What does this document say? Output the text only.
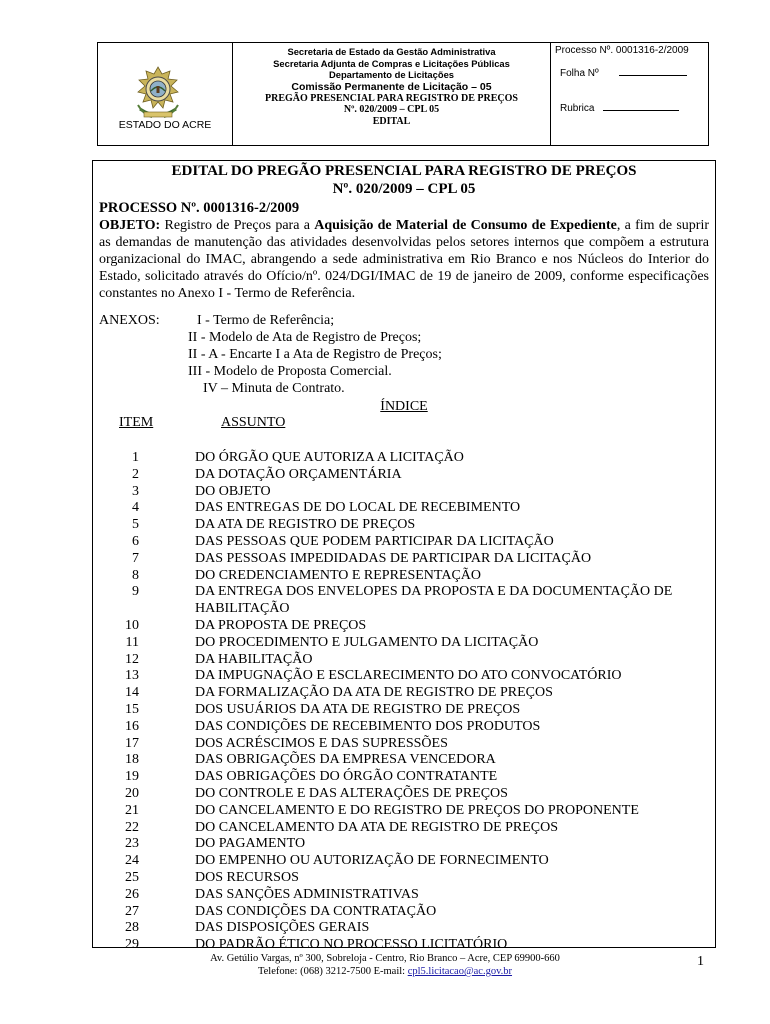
ESTADO DO ACRE
Secretaria de Estado da Gestão Administrativa
Secretaria Adjunta de Compras e Licitações Públicas
Departamento de Licitações
Comissão Permanente de Licitação – 05
PREGÃO PRESENCIAL PARA REGISTRO DE PREÇOS
Nº. 020/2009 – CPL 05
EDITAL
Processo Nº. 0001316-2/2009
Folha Nº
Rubrica
EDITAL DO PREGÃO PRESENCIAL PARA REGISTRO DE PREÇOS
Nº. 020/2009 – CPL 05
PROCESSO Nº. 0001316-2/2009
OBJETO: Registro de Preços para a Aquisição de Material de Consumo de Expediente, a fim de suprir as demandas de manutenção das atividades desenvolvidas pelos setores internos que compõem a estrutura organizacional do IMAC, abrangendo a sede administrativa em Rio Branco e nos Núcleos do Interior do Estado, solicitado através do Ofício/nº. 024/DGI/IMAC de 19 de janeiro de 2009, conforme especificações constantes no Anexo I - Termo de Referência.
ANEXOS:	I - Termo de Referência;
II - Modelo de Ata de Registro de Preços;
II - A - Encarte I a Ata de Registro de Preços;
III - Modelo de Proposta Comercial.
IV – Minuta de Contrato.
ÍNDICE
ITEM	ASSUNTO
1	DO ÓRGÃO QUE AUTORIZA A LICITAÇÃO
2	DA DOTAÇÃO ORÇAMENTÁRIA
3	DO OBJETO
4	DAS ENTREGAS DE DO LOCAL DE RECEBIMENTO
5	DA ATA DE REGISTRO DE PREÇOS
6	DAS PESSOAS QUE PODEM PARTICIPAR DA LICITAÇÃO
7	DAS PESSOAS IMPEDIDADAS DE PARTICIPAR DA LICITAÇÃO
8	DO CREDENCIAMENTO E REPRESENTAÇÃO
9	DA ENTREGA DOS ENVELOPES DA PROPOSTA E DA DOCUMENTAÇÃO DE HABILITAÇÃO
10	DA PROPOSTA DE PREÇOS
11	DO PROCEDIMENTO E JULGAMENTO DA LICITAÇÃO
12	DA HABILITAÇÃO
13	DA IMPUGNAÇÃO E ESCLARECIMENTO DO ATO CONVOCATÓRIO
14	DA FORMALIZAÇÃO DA ATA DE REGISTRO DE PREÇOS
15	DOS USUÁRIOS DA ATA DE REGISTRO DE PREÇOS
16	DAS CONDIÇÕES DE RECEBIMENTO DOS PRODUTOS
17	DOS ACRÉSCIMOS E DAS SUPRESSÕES
18	DAS OBRIGAÇÕES DA EMPRESA VENCEDORA
19	DAS OBRIGAÇÕES DO ÓRGÃO CONTRATANTE
20	DO CONTROLE E DAS ALTERAÇÕES DE PREÇOS
21	DO CANCELAMENTO E DO REGISTRO DE PREÇOS DO PROPONENTE
22	DO CANCELAMENTO DA ATA DE REGISTRO DE PREÇOS
23	DO PAGAMENTO
24	DO EMPENHO OU AUTORIZAÇÃO DE FORNECIMENTO
25	DOS RECURSOS
26	DAS SANÇÕES ADMINISTRATIVAS
27	DAS CONDIÇÕES DA CONTRATAÇÃO
28	DAS DISPOSIÇÕES GERAIS
29	DO PADRÃO ÉTICO NO PROCESSO LICITATÓRIO
Av. Getúlio Vargas, nº 300, Sobreloja - Centro, Rio Branco – Acre, CEP 69900-660
Telefone: (068) 3212-7500 E-mail: cpl5.licitacao@ac.gov.br
1
